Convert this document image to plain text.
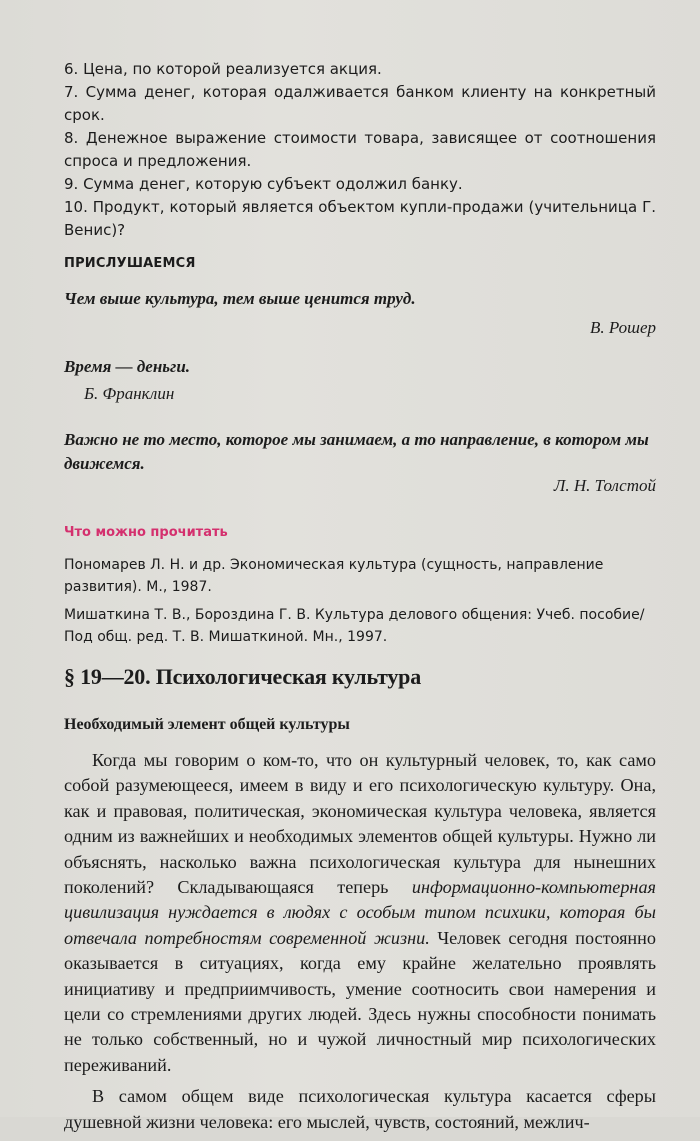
6. Цена, по которой реализуется акция.

7. Сумма денег, которая одалживается банком клиенту на конкретный срок.

8. Денежное выражение стоимости товара, зависящее от соотношения спроса и предложения.

9. Сумма денег, которую субъект одолжил банку.

10. Продукт, который является объектом купли-продажи (учительница Г. Венис)?

ПРИСЛУШАЕМСЯ
Чем выше культура, тем выше ценится труд.
В. Рошер
Время — деньги.
Б. Франклин
Важно не то место, которое мы занимаем, а то направление, в котором мы движемся.
Л. Н. Толстой
Что можно прочитать

Пономарев Л. Н. и др. Экономическая культура (сущность, направление развития). М., 1987.

Мишаткина Т. В., Бороздина Г. В. Культура делового общения: Учеб. пособие/Под общ. ред. Т. В. Мишаткиной. Мн., 1997.

§ 19—20. Психологическая культура
Необходимый элемент общей культуры

Когда мы говорим о ком-то, что он культурный человек, то, как само собой разумеющееся, имеем в виду и его психологическую культуру. Она, как и правовая, политическая, экономическая культура человека, является одним из важнейших и необходимых элементов общей культуры. Нужно ли объяснять, насколько важна психологическая культура для нынешних поколений? Складывающаяся теперь информационно-компьютерная цивилизация нуждается в людях с особым типом психики, которая бы отвечала потребностям современной жизни. Человек сегодня постоянно оказывается в ситуациях, когда ему крайне желательно проявлять инициативу и предприимчивость, умение соотносить свои намерения и цели со стремлениями других людей. Здесь нужны способности понимать не только собственный, но и чужой личностный мир психологических переживаний.

В самом общем виде психологическая культура касается сферы душевной жизни человека: его мыслей, чувств, состояний, межлич-
